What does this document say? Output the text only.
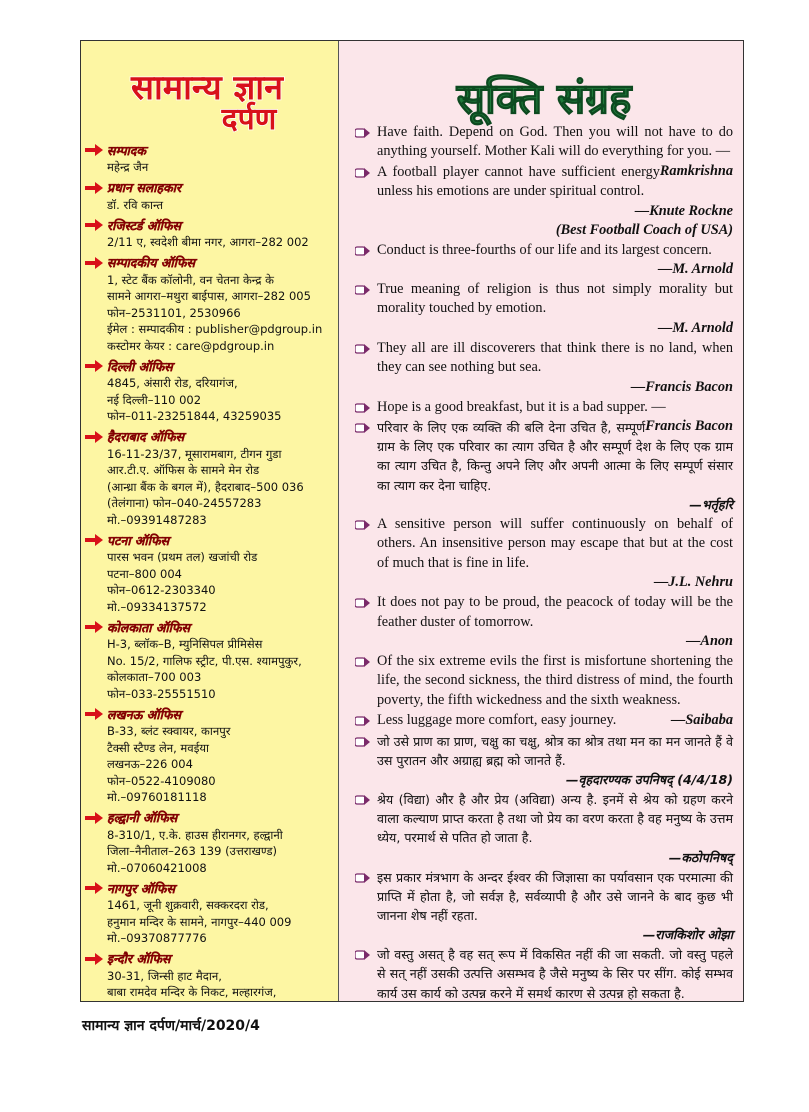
सामान्य ज्ञान
दर्पण
सम्पादक
महेन्द्र जैन
प्रधान सलाहकार
डॉ. रवि कान्त
रजिस्टर्ड ऑफिस
2/11 ए, स्वदेशी बीमा नगर, आगरा–282 002
सम्पादकीय ऑफिस
1, स्टेट बैंक कॉलोनी, वन चेतना केन्द्र के
सामने आगरा–मथुरा बाईपास, आगरा–282 005
फोन–2531101, 2530966
ईमेल : सम्पादकीय : publisher@pdgroup.in
कस्टोमर केयर : care@pdgroup.in
दिल्ली ऑफिस
4845, अंसारी रोड, दरियागंज,
नई दिल्ली–110 002
फोन–011-23251844, 43259035
हैदराबाद ऑफिस
16-11-23/37, मूसारामबाग, टीगन गुडा
आर.टी.ए. ऑफिस के सामने मेन रोड
(आन्ध्रा बैंक के बगल में), हैदराबाद–500 036
(तेलंगाना) फोन–040-24557283
मो.–09391487283
पटना ऑफिस
पारस भवन (प्रथम तल) खजांची रोड
पटना–800 004
फोन–0612-2303340
मो.–09334137572
कोलकाता ऑफिस
H-3, ब्लॉक–B, म्युनिसिपल प्रीमिसेस
No. 15/2, गालिफ स्ट्रीट, पी.एस. श्यामपुकुर,
कोलकाता–700 003
फोन–033-25551510
लखनऊ ऑफिस
B-33, ब्लंट स्क्वायर, कानपुर
टैक्सी स्टैण्ड लेन, मवईया
लखनऊ–226 004
फोन–0522-4109080
मो.–09760181118
हल्द्वानी ऑफिस
8-310/1, ए.के. हाउस हीरानगर, हल्द्वानी
जिला–नैनीताल–263 139 (उत्तराखण्ड)
मो.–07060421008
नागपुर ऑफिस
1461, जूनी शुक्रवारी, सक्करदरा रोड,
हनुमान मन्दिर के सामने, नागपुर–440 009
मो.–09370877776
इन्दौर ऑफिस
30-31, जिन्सी हाट मैदान,
बाबा रामदेव मन्दिर के निकट, मल्हारगंज,
सूक्ति संग्रह
Have faith. Depend on God. Then you will not have to do anything yourself. Mother Kali will do everything for you. —
Ramkrishna
A football player cannot have sufficient energy unless his emotions are under spiritual control.
—Knute Rockne
(Best Football Coach of USA)
Conduct is three-fourths of our life and its largest concern.
—M. Arnold
True meaning of religion is thus not simply morality but morality touched by emotion.
—M. Arnold
They all are ill discoverers that think there is no land, when they can see nothing but sea.
—Francis Bacon
Hope is a good breakfast, but it is a bad supper. —
Francis Bacon
परिवार के लिए एक व्यक्ति की बलि देना उचित है, सम्पूर्ण ग्राम के लिए एक परिवार का त्याग उचित है और सम्पूर्ण देश के लिए एक ग्राम का त्याग उचित है, किन्तु अपने लिए और अपनी आत्मा के लिए सम्पूर्ण संसार का त्याग कर देना चाहिए.
—भर्तृहरि
A sensitive person will suffer continuously on behalf of others. An insensitive person may escape that but at the cost of much that is fine in life.
—J.L. Nehru
It does not pay to be proud, the peacock of today will be the feather duster of tomorrow.
—Anon
Of the six extreme evils the first is misfortune shortening the life, the second sickness, the third distress of mind, the fourth poverty, the fifth wickedness and the sixth weakness.
Less luggage more comfort, easy journey.	—Saibaba
जो उसे प्राण का प्राण, चक्षु का चक्षु, श्रोत्र का श्रोत्र तथा मन का मन जानते हैं वे उस पुरातन और अग्राह्य ब्रह्म को जानते हैं.
—वृहदारण्यक उपनिषद् (4/4/18)
श्रेय (विद्या) और है और प्रेय (अविद्या) अन्य है. इनमें से श्रेय को ग्रहण करने वाला कल्याण प्राप्त करता है तथा जो प्रेय का वरण करता है वह मनुष्य के उत्तम ध्येय, परमार्थ से पतित हो जाता है.
—कठोपनिषद्
इस प्रकार मंत्रभाग के अन्दर ईश्वर की जिज्ञासा का पर्यावसान एक परमात्मा की प्राप्ति में होता है, जो सर्वज्ञ है, सर्वव्यापी है और उसे जानने के बाद कुछ भी जानना शेष नहीं रहता.
—राजकिशोर ओझा
जो वस्तु असत् है वह सत् रूप में विकसित नहीं की जा सकती. जो वस्तु पहले से सत् नहीं उसकी उत्पत्ति असम्भव है जैसे मनुष्य के सिर पर सींग. कोई सम्भव कार्य उस कार्य को उत्पन्न करने में समर्थ कारण से उत्पन्न हो सकता है.
सामान्य ज्ञान दर्पण/मार्च/2020/4
